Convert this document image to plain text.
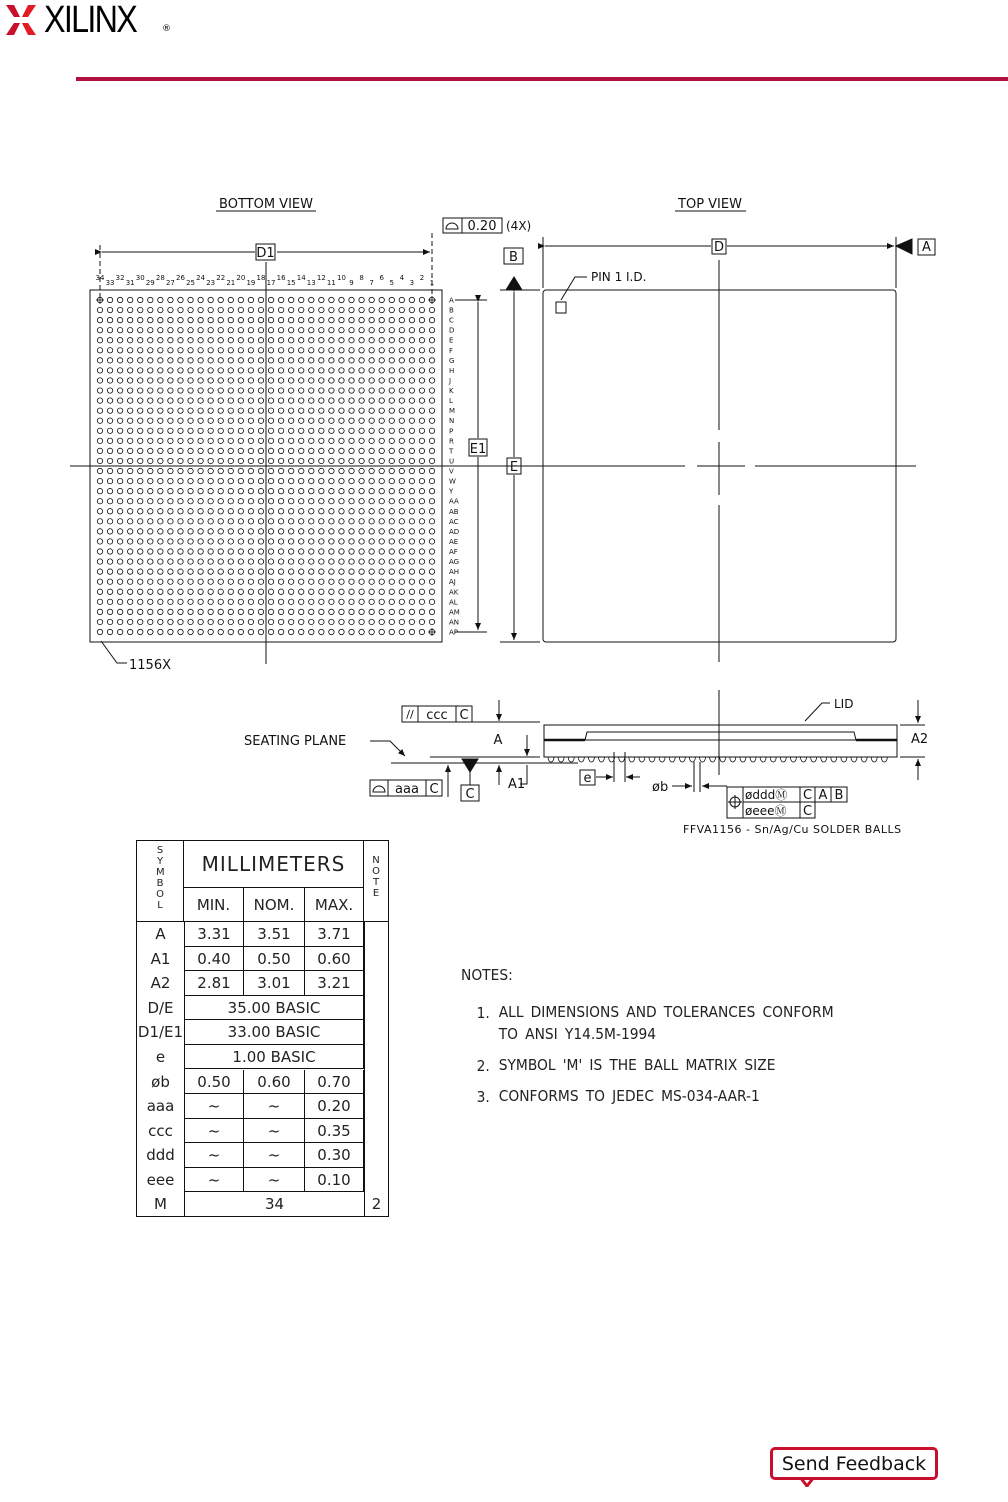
XILINX	®
BOTTOM VIEW
34
33
32
31
30
29
28
27
26
25
24
23
22
21
20
19
18
17
16
15
14
13
12
11
10
9
8
7
6
5
4
3
2
1
A
B
C
D
E
F
G
H
J
K
L
M
N
P
R
T
U
V
W
Y
AA
AB
AC
AD
AE
AF
AG
AH
AJ
AK
AL
AM
AN
AP
D1
0.20 (4X)
E1
1156X
TOP VIEW
D	A
B
E
PIN 1 I.D.
SEATING PLANE
// ccc C
A
A1
aaa C C
e
øb	ødddⓂ C A B
øeeeⓂ C
FFVA1156 - Sn/Ag/Cu SOLDER BALLS
LID
A2
SYMBOL
MILLIMETERS
MIN.	NOM.	MAX.
NOTE
A	3.31	3.51	3.71
A1	0.40	0.50	0.60
A2	2.81	3.01	3.21
D/E	35.00 BASIC
D1/E1	33.00 BASIC
e	1.00 BASIC
øb	0.50	0.60	0.70
aaa	~	~	0.20
ccc	~	~	0.35
ddd	~	~	0.30
eee	~	~	0.10
M	34	2
NOTES:
1. ALL DIMENSIONS AND TOLERANCES CONFORM
TO ANSI Y14.5M-1994
2. SYMBOL 'M' IS THE BALL MATRIX SIZE
3. CONFORMS TO JEDEC MS-034-AAR-1
Send Feedback
